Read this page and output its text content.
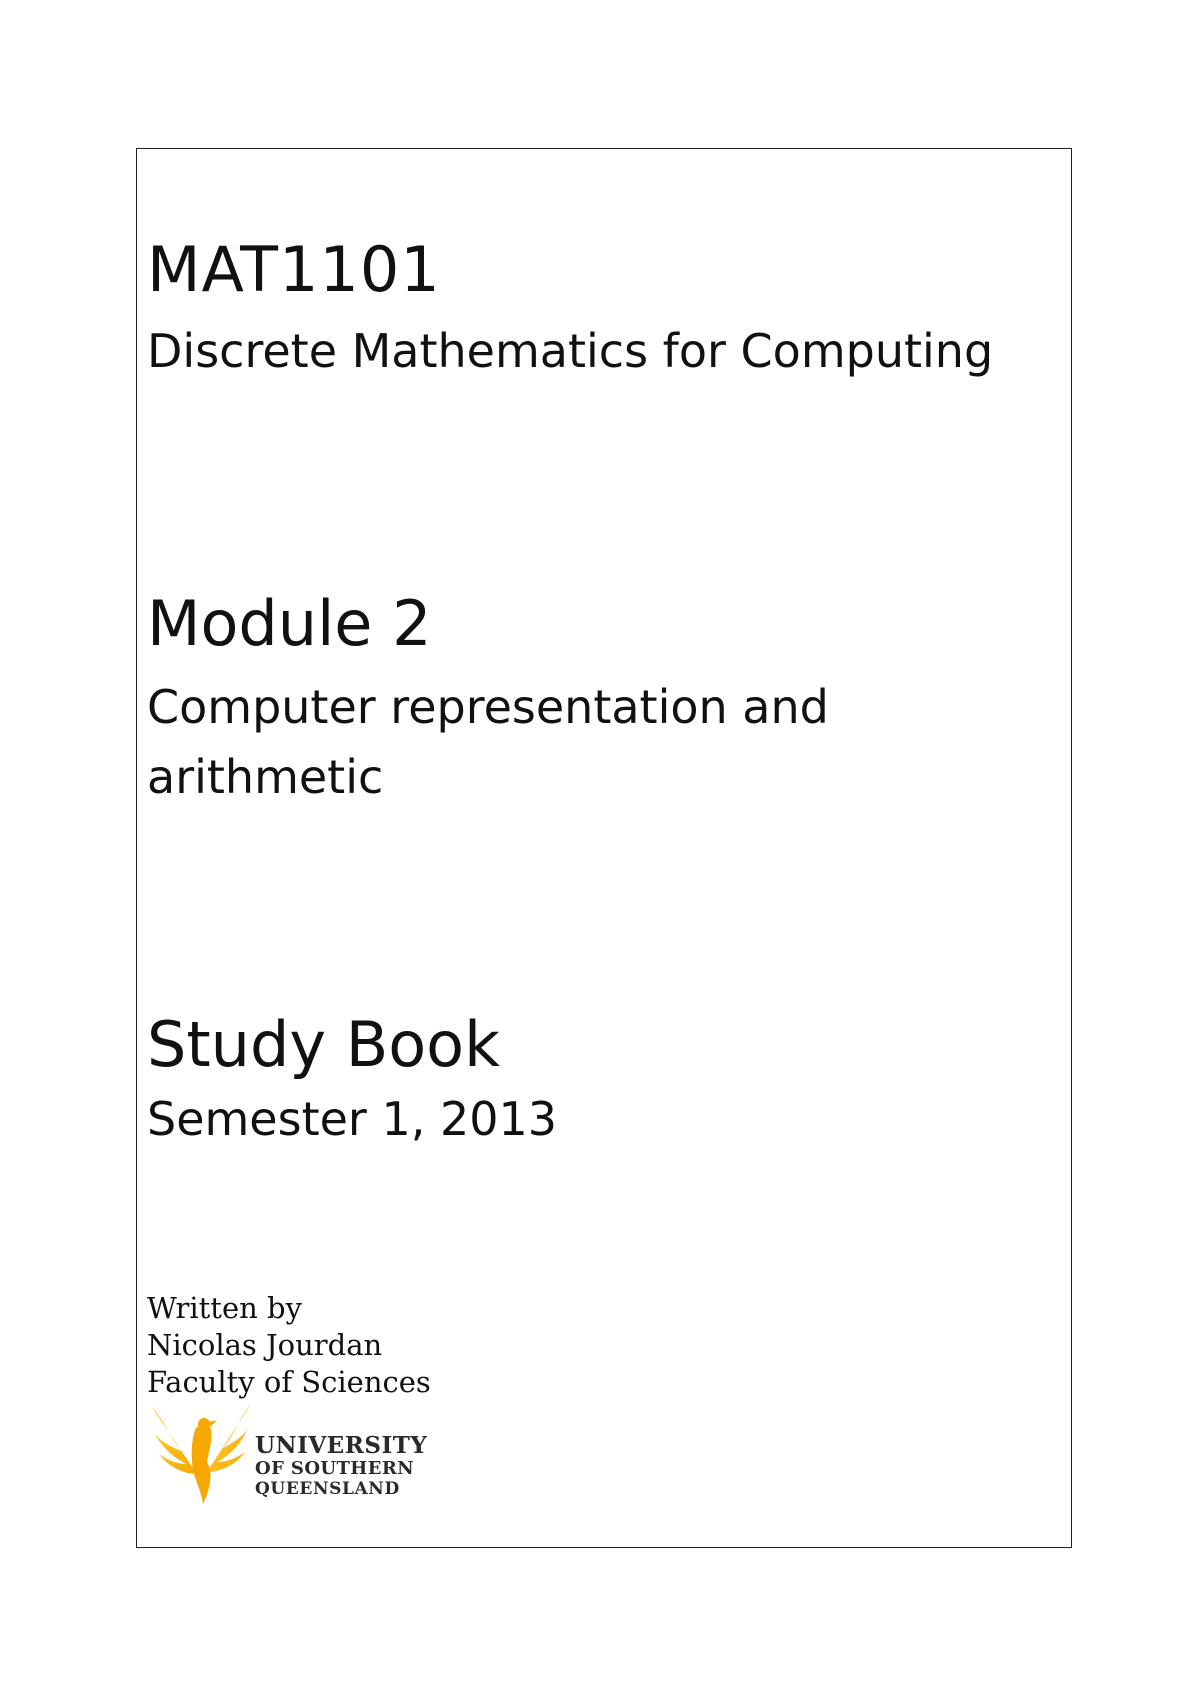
MAT1101
Discrete Mathematics for Computing
Module 2
Computer representation and arithmetic
Study Book
Semester 1, 2013
Written by
Nicolas Jourdan
Faculty of Sciences
UNIVERSITY
OF SOUTHERN
QUEENSLAND
